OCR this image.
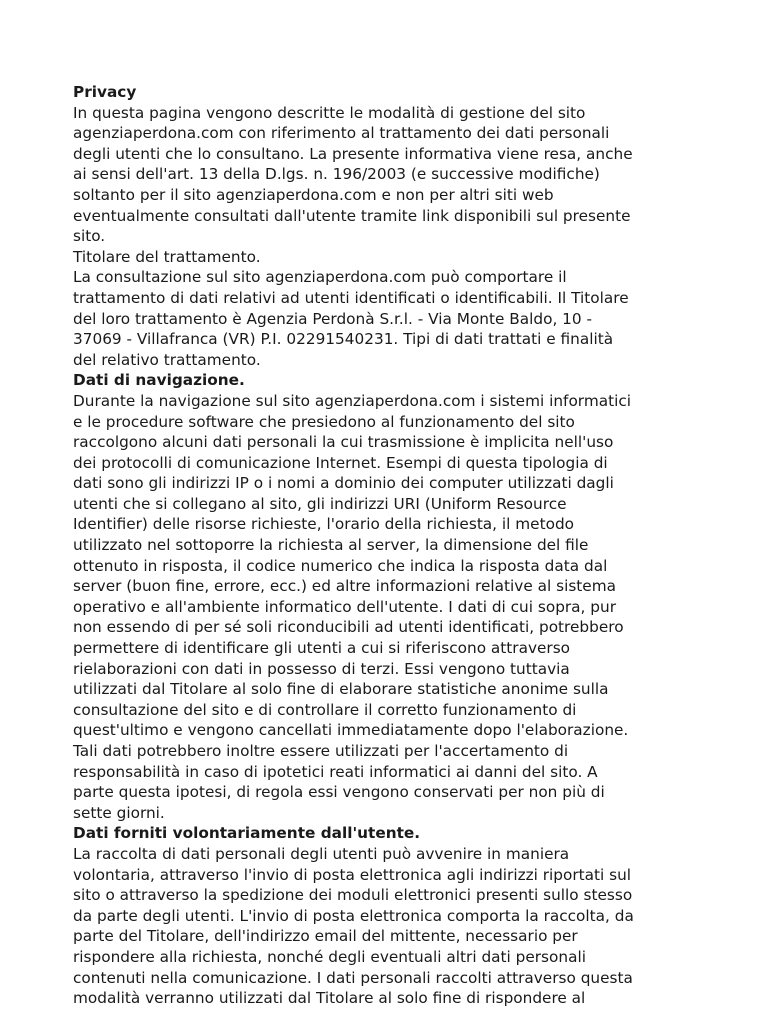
Privacy
In questa pagina vengono descritte le modalità di gestione del sito
agenziaperdona.com con riferimento al trattamento dei dati personali
degli utenti che lo consultano. La presente informativa viene resa, anche
ai sensi dell'art. 13 della D.lgs. n. 196/2003 (e successive modifiche)
soltanto per il sito agenziaperdona.com e non per altri siti web
eventualmente consultati dall'utente tramite link disponibili sul presente
sito.
Titolare del trattamento.
La consultazione sul sito agenziaperdona.com può comportare il
trattamento di dati relativi ad utenti identificati o identificabili. Il Titolare
del loro trattamento è Agenzia Perdonà S.r.l. - Via Monte Baldo, 10 -
37069 - Villafranca (VR) P.I. 02291540231. Tipi di dati trattati e finalità
del relativo trattamento.
Dati di navigazione.
Durante la navigazione sul sito agenziaperdona.com i sistemi informatici
e le procedure software che presiedono al funzionamento del sito
raccolgono alcuni dati personali la cui trasmissione è implicita nell'uso
dei protocolli di comunicazione Internet. Esempi di questa tipologia di
dati sono gli indirizzi IP o i nomi a dominio dei computer utilizzati dagli
utenti che si collegano al sito, gli indirizzi URI (Uniform Resource
Identifier) delle risorse richieste, l'orario della richiesta, il metodo
utilizzato nel sottoporre la richiesta al server, la dimensione del file
ottenuto in risposta, il codice numerico che indica la risposta data dal
server (buon fine, errore, ecc.) ed altre informazioni relative al sistema
operativo e all'ambiente informatico dell'utente. I dati di cui sopra, pur
non essendo di per sé soli riconducibili ad utenti identificati, potrebbero
permettere di identificare gli utenti a cui si riferiscono attraverso
rielaborazioni con dati in possesso di terzi. Essi vengono tuttavia
utilizzati dal Titolare al solo fine di elaborare statistiche anonime sulla
consultazione del sito e di controllare il corretto funzionamento di
quest'ultimo e vengono cancellati immediatamente dopo l'elaborazione.
Tali dati potrebbero inoltre essere utilizzati per l'accertamento di
responsabilità in caso di ipotetici reati informatici ai danni del sito. A
parte questa ipotesi, di regola essi vengono conservati per non più di
sette giorni.
Dati forniti volontariamente dall'utente.
La raccolta di dati personali degli utenti può avvenire in maniera
volontaria, attraverso l'invio di posta elettronica agli indirizzi riportati sul
sito o attraverso la spedizione dei moduli elettronici presenti sullo stesso
da parte degli utenti. L'invio di posta elettronica comporta la raccolta, da
parte del Titolare, dell'indirizzo email del mittente, necessario per
rispondere alla richiesta, nonché degli eventuali altri dati personali
contenuti nella comunicazione. I dati personali raccolti attraverso questa
modalità verranno utilizzati dal Titolare al solo fine di rispondere al
